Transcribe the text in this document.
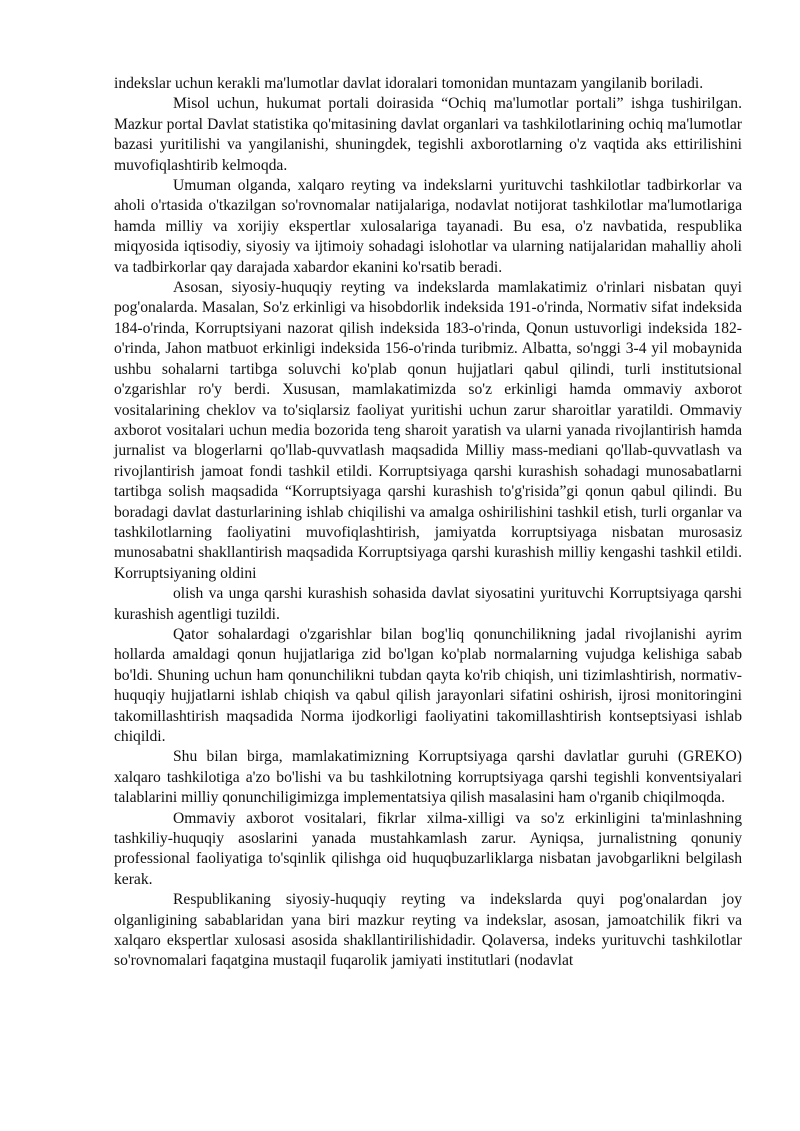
indekslar uchun kerakli ma'lumotlar davlat idoralari tomonidan muntazam yangilanib boriladi.

Misol uchun, hukumat portali doirasida “Ochiq ma'lumotlar portali” ishga tushirilgan. Mazkur portal Davlat statistika qo'mitasining davlat organlari va tashkilotlarining ochiq ma'lumotlar bazasi yuritilishi va yangilanishi, shuningdek, tegishli axborotlarning o'z vaqtida aks ettirilishini muvofiqlashtirib kelmoqda.

Umuman olganda, xalqaro reyting va indekslarni yurituvchi tashkilotlar tadbirkorlar va aholi o'rtasida o'tkazilgan so'rovnomalar natijalariga, nodavlat notijorat tashkilotlar ma'lumotlariga hamda milliy va xorijiy ekspertlar xulosalariga tayanadi. Bu esa, o'z navbatida, respublika miqyosida iqtisodiy, siyosiy va ijtimoiy sohadagi islohotlar va ularning natijalaridan mahalliy aholi va tadbirkorlar qay darajada xabardor ekanini ko'rsatib beradi.

Asosan, siyosiy-huquqiy reyting va indekslarda mamlakatimiz o'rinlari nisbatan quyi pog'onalarda. Masalan, So'z erkinligi va hisobdorlik indeksida 191-o'rinda, Normativ sifat indeksida 184-o'rinda, Korruptsiyani nazorat qilish indeksida 183-o'rinda, Qonun ustuvorligi indeksida 182-o'rinda, Jahon matbuot erkinligi indeksida 156-o'rinda turibmiz. Albatta, so'nggi 3-4 yil mobaynida ushbu sohalarni tartibga soluvchi ko'plab qonun hujjatlari qabul qilindi, turli institutsional o'zgarishlar ro'y berdi. Xususan, mamlakatimizda so'z erkinligi hamda ommaviy axborot vositalarining cheklov va to'siqlarsiz faoliyat yuritishi uchun zarur sharoitlar yaratildi. Ommaviy axborot vositalari uchun media bozorida teng sharoit yaratish va ularni yanada rivojlantirish hamda jurnalist va blogerlarni qo'llab-quvvatlash maqsadida Milliy mass-mediani qo'llab-quvvatlash va rivojlantirish jamoat fondi tashkil etildi. Korruptsiyaga qarshi kurashish sohadagi munosabatlarni tartibga solish maqsadida “Korruptsiyaga qarshi kurashish to'g'risida”gi qonun qabul qilindi. Bu boradagi davlat dasturlarining ishlab chiqilishi va amalga oshirilishini tashkil etish, turli organlar va tashkilotlarning faoliyatini muvofiqlashtirish, jamiyatda korruptsiyaga nisbatan murosasiz munosabatni shakllantirish maqsadida Korruptsiyaga qarshi kurashish milliy kengashi tashkil etildi. Korruptsiyaning oldini

olish va unga qarshi kurashish sohasida davlat siyosatini yurituvchi Korruptsiyaga qarshi kurashish agentligi tuzildi.

Qator sohalardagi o'zgarishlar bilan bog'liq qonunchilikning jadal rivojlanishi ayrim hollarda amaldagi qonun hujjatlariga zid bo'lgan ko'plab normalarning vujudga kelishiga sabab bo'ldi. Shuning uchun ham qonunchilikni tubdan qayta ko'rib chiqish, uni tizimlashtirish, normativ-huquqiy hujjatlarni ishlab chiqish va qabul qilish jarayonlari sifatini oshirish, ijrosi monitoringini takomillashtirish maqsadida Norma ijodkorligi faoliyatini takomillashtirish kontseptsiyasi ishlab chiqildi.

Shu bilan birga, mamlakatimizning Korruptsiyaga qarshi davlatlar guruhi (GREKO) xalqaro tashkilotiga a'zo bo'lishi va bu tashkilotning korruptsiyaga qarshi tegishli konventsiyalari talablarini milliy qonunchiligimizga implementatsiya qilish masalasini ham o'rganib chiqilmoqda.

Ommaviy axborot vositalari, fikrlar xilma-xilligi va so'z erkinligini ta'minlashning tashkiliy-huquqiy asoslarini yanada mustahkamlash zarur. Ayniqsa, jurnalistning qonuniy professional faoliyatiga to'sqinlik qilishga oid huquqbuzarliklarga nisbatan javobgarlikni belgilash kerak.

Respublikaning siyosiy-huquqiy reyting va indekslarda quyi pog'onalardan joy olganligining sabablaridan yana biri mazkur reyting va indekslar, asosan, jamoatchilik fikri va xalqaro ekspertlar xulosasi asosida shakllantirilishidadir. Qolaversa, indeks yurituvchi tashkilotlar so'rovnomalari faqatgina mustaqil fuqarolik jamiyati institutlari (nodavlat
